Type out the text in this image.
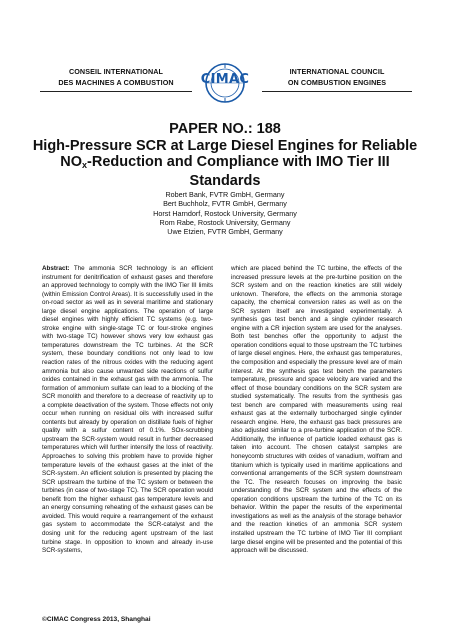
CONSEIL INTERNATIONAL
DES MACHINES A COMBUSTION
INTERNATIONAL COUNCIL
ON COMBUSTION ENGINES
CIMAC
PAPER NO.: 188
High-Pressure SCR at Large Diesel Engines for Reliable $NO_x$-Reduction and Compliance with IMO Tier III Standards
Robert Bank, FVTR GmbH, Germany
Bert Buchholz, FVTR GmbH, Germany
Horst Harndorf, Rostock University, Germany
Rom Rabe, Rostock University, Germany
Uwe Etzien, FVTR GmbH, Germany
Abstract: The ammonia SCR technology is an efficient instrument for denitrification of exhaust gases and therefore an approved technology to comply with the IMO Tier III limits (within Emission Control Areas). It is successfully used in the on-road sector as well as in several maritime and stationary large diesel engine applications. The operation of large diesel engines with highly efficient TC systems (e.g. two-stroke engine with single-stage TC or four-stroke engines with two-stage TC) however shows very low exhaust gas temperatures downstream the TC turbines. At the SCR system, these boundary conditions not only lead to low reaction rates of the nitrous oxides with the reducing agent ammonia but also cause unwanted side reactions of sulfur oxides contained in the exhaust gas with the ammonia. The formation of ammonium sulfate can lead to a blocking of the SCR monolith and therefore to a decrease of reactivity up to a complete deactivation of the system. Those effects not only occur when running on residual oils with increased sulfur contents but already by operation on distillate fuels of higher quality with a sulfur content of 0.1%. SOx-scrubbing upstream the SCR-system would result in further decreased temperatures which will further intensify the loss of reactivity. Approaches to solving this problem have to provide higher temperature levels of the exhaust gases at the inlet of the SCR-system. An efficient solution is presented by placing the SCR upstream the turbine of the TC system or between the turbines (in case of two-stage TC). The SCR operation would benefit from the higher exhaust gas temperature levels and an energy consuming reheating of the exhaust gases can be avoided. This would require a rearrangement of the exhaust gas system to accommodate the SCR-catalyst and the dosing unit for the reducing agent upstream of the last turbine stage. In opposition to known and already in-use SCR-systems,
which are placed behind the TC turbine, the effects of the increased pressure levels at the pre-turbine position on the SCR system and on the reaction kinetics are still widely unknown. Therefore, the effects on the ammonia storage capacity, the chemical conversion rates as well as on the SCR system itself are investigated experimentally. A synthesis gas test bench and a single cylinder research engine with a CR injection system are used for the analyses. Both test benches offer the opportunity to adjust the operation conditions equal to those upstream the TC turbines of large diesel engines. Here, the exhaust gas temperatures, the composition and especially the pressure level are of main interest. At the synthesis gas test bench the parameters temperature, pressure and space velocity are varied and the effect of those boundary conditions on the SCR system are studied systematically. The results from the synthesis gas test bench are compared with measurements using real exhaust gas at the externally turbocharged single cylinder research engine. Here, the exhaust gas back pressures are also adjusted similar to a pre-turbine application of the SCR. Additionally, the influence of particle loaded exhaust gas is taken into account. The chosen catalyst samples are honeycomb structures with oxides of vanadium, wolfram and titanium which is typically used in maritime applications and conventional arrangements of the SCR system downstream the TC. The research focuses on improving the basic understanding of the SCR system and the effects of the operation conditions upstream the turbine of the TC on its behavior. Within the paper the results of the experimental investigations as well as the analysis of the storage behavior and the reaction kinetics of an ammonia SCR system installed upstream the TC turbine of IMO Tier III compliant large diesel engine will be presented and the potential of this approach will be discussed.
©CIMAC Congress 2013, Shanghai
